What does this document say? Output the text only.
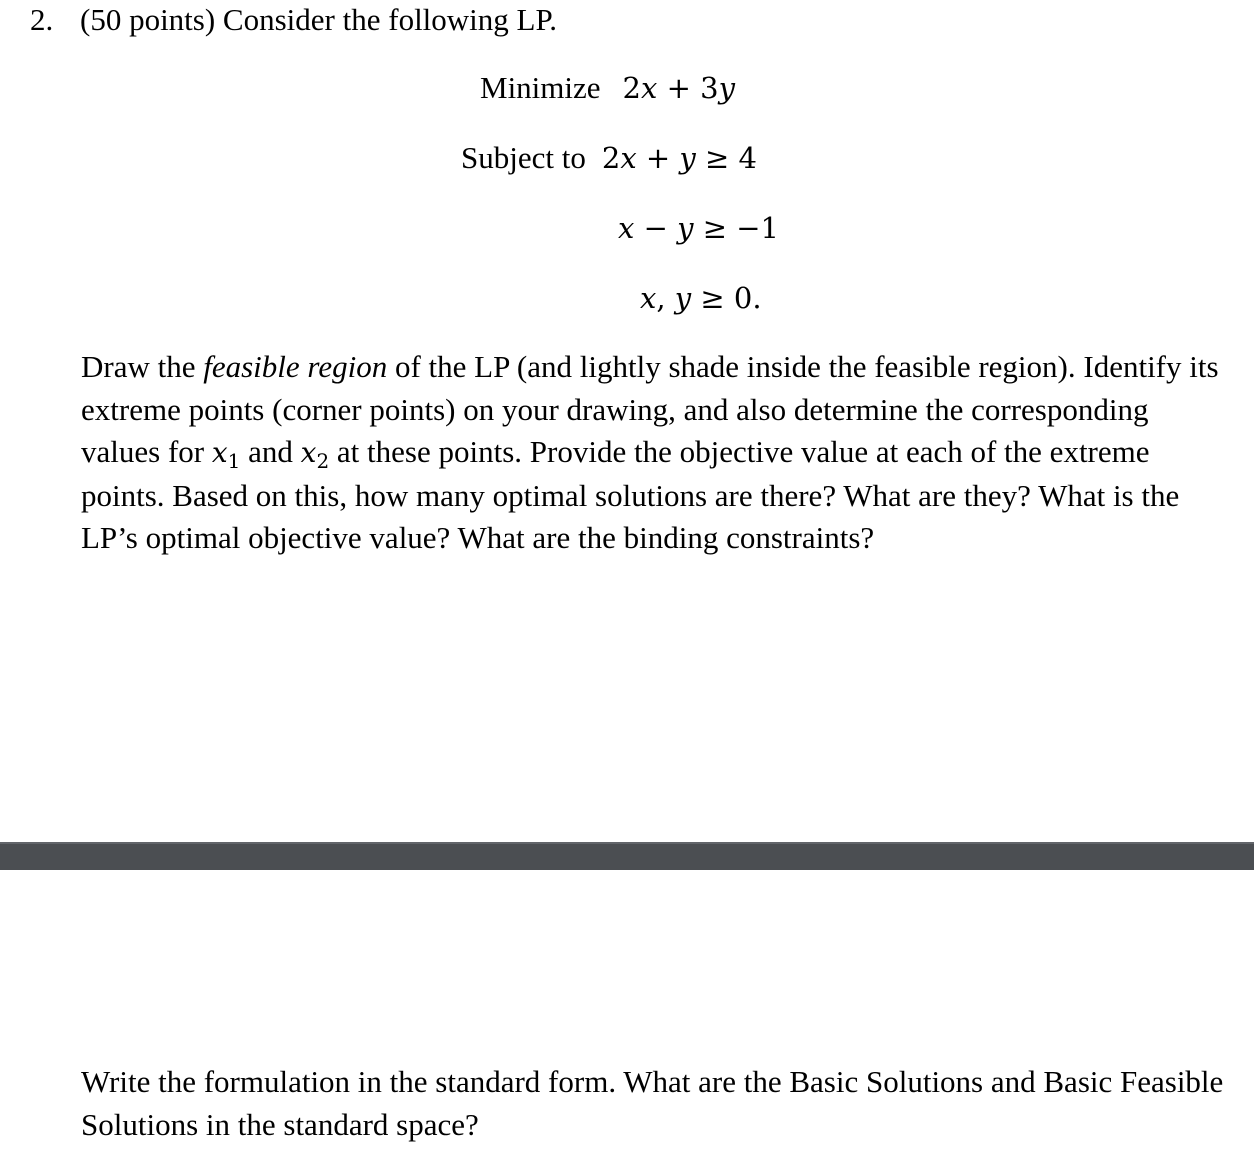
2. (50 points) Consider the following LP.
Minimize 2x + 3y
Subject to 2x + y ≥ 4
x − y ≥ −1
x, y ≥ 0.
Draw the feasible region of the LP (and lightly shade inside the feasible region). Identify its extreme points (corner points) on your drawing, and also determine the corresponding values for $x_1$ and $x_2$ at these points. Provide the objective value at each of the extreme points. Based on this, how many optimal solutions are there? What are they? What is the LP’s optimal objective value? What are the binding constraints?
Write the formulation in the standard form. What are the Basic Solutions and Basic Feasible Solutions in the standard space?
